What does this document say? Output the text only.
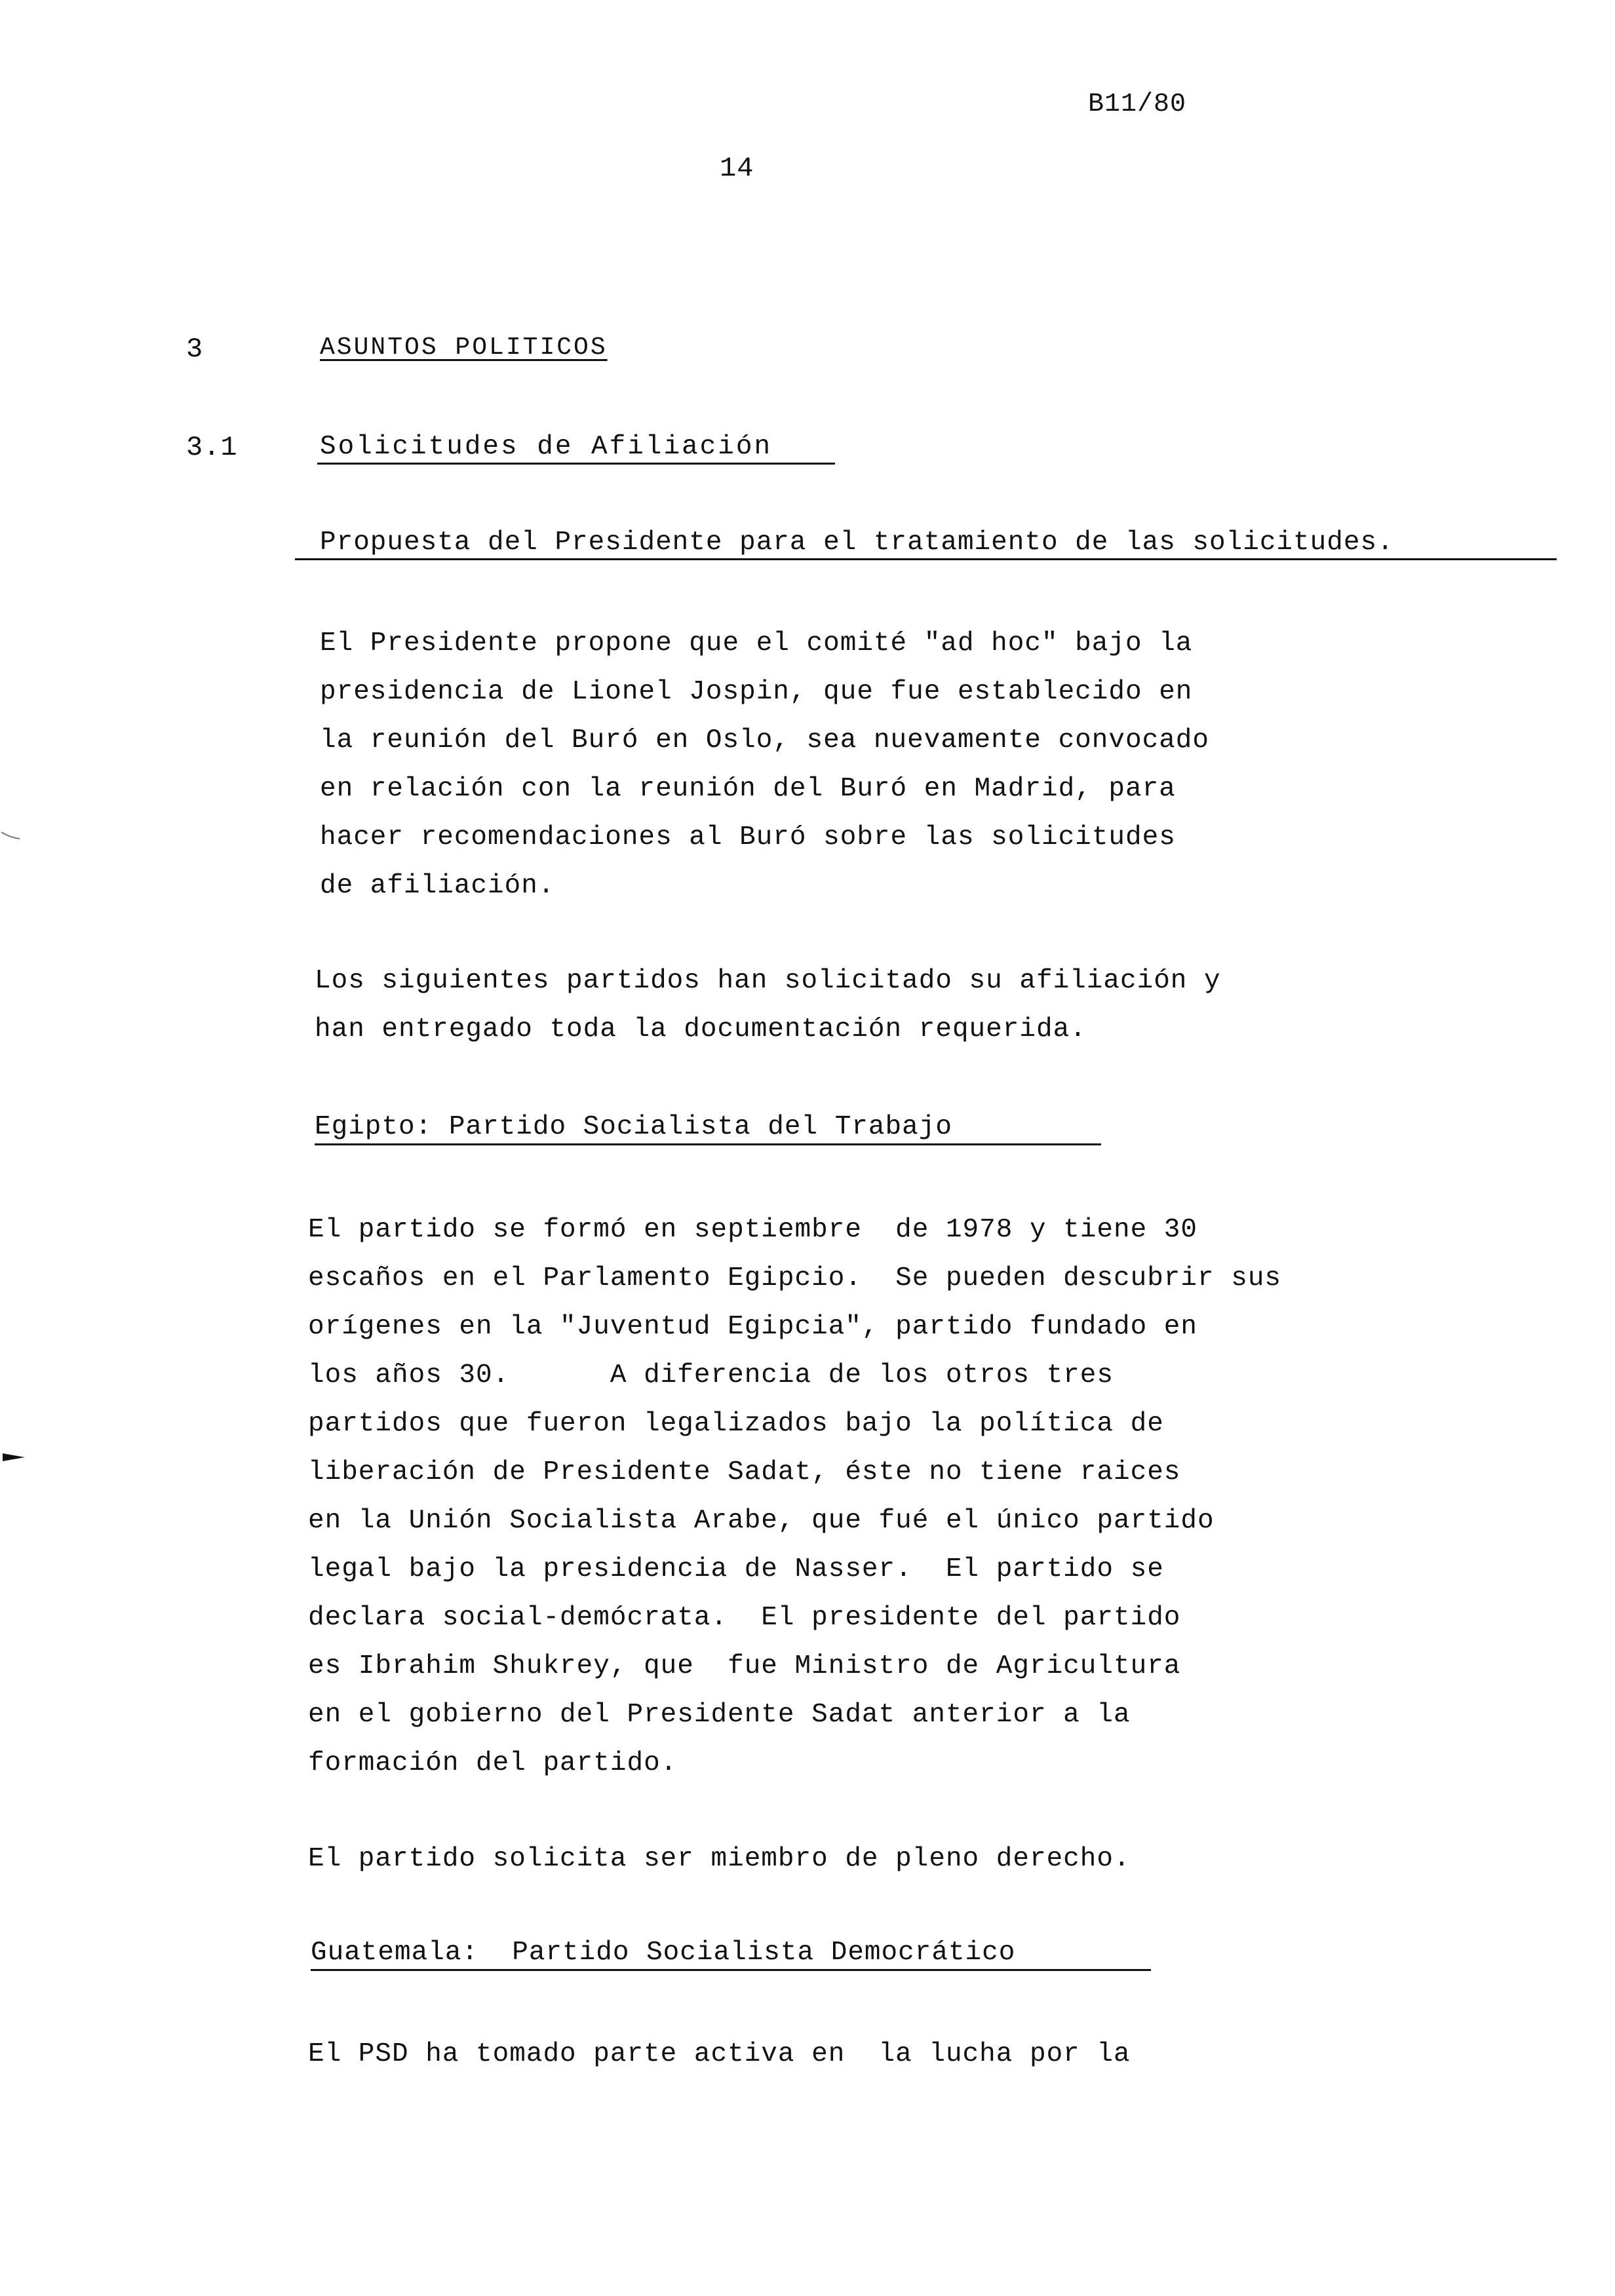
B11/80
14
3	ASUNTOS POLITICOS
3.1	Solicitudes de Afiliación
Propuesta del Presidente para el tratamiento de las solicitudes.
El Presidente propone que el comité "ad hoc" bajo la
presidencia de Lionel Jospin, que fue establecido en
la reunión del Buró en Oslo, sea nuevamente convocado
en relación con la reunión del Buró en Madrid, para
hacer recomendaciones al Buró sobre las solicitudes
de afiliación.
Los siguientes partidos han solicitado su afiliación y
han entregado toda la documentación requerida.
Egipto: Partido Socialista del Trabajo
El partido se formó en septiembre  de 1978 y tiene 30
escaños en el Parlamento Egipcio.  Se pueden descubrir sus
orígenes en la "Juventud Egipcia", partido fundado en
los años 30.      A diferencia de los otros tres
partidos que fueron legalizados bajo la política de
liberación de Presidente Sadat, éste no tiene raices
en la Unión Socialista Arabe, que fué el único partido
legal bajo la presidencia de Nasser.  El partido se
declara social-demócrata.  El presidente del partido
es Ibrahim Shukrey, que  fue Ministro de Agricultura
en el gobierno del Presidente Sadat anterior a la
formación del partido.
El partido solicita ser miembro de pleno derecho.
Guatemala:  Partido Socialista Democrático
El PSD ha tomado parte activa en  la lucha por la
